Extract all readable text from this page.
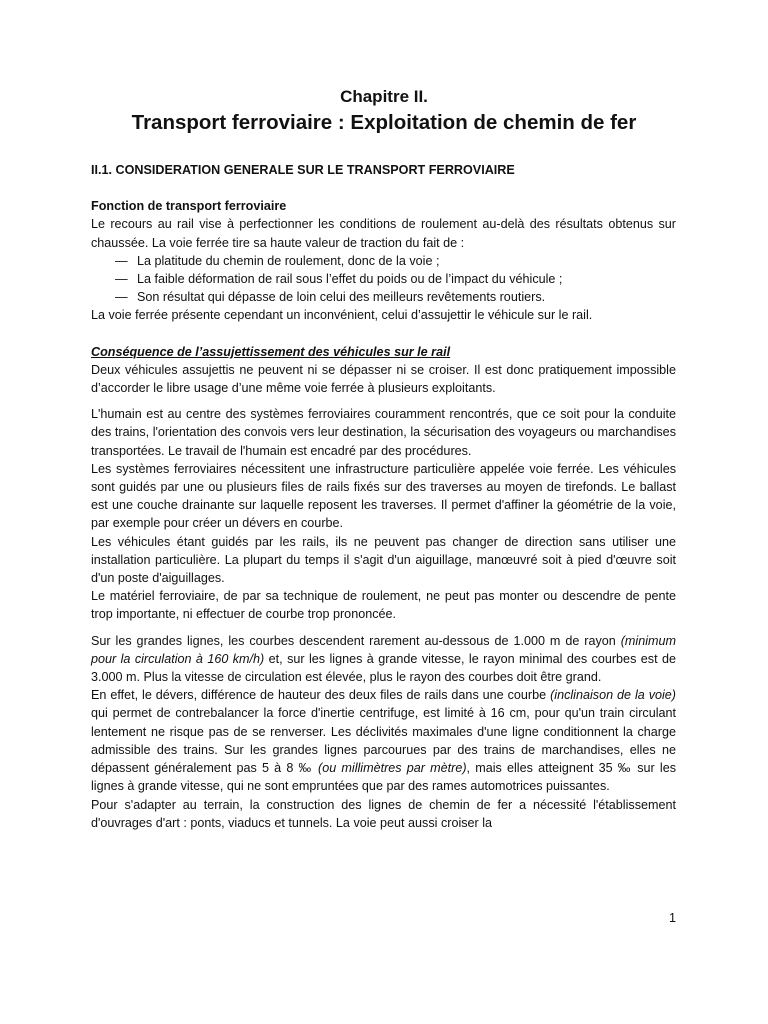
Chapitre II.
Transport ferroviaire : Exploitation de chemin de fer
II.1. CONSIDERATION GENERALE SUR LE TRANSPORT FERROVIAIRE
Fonction de transport ferroviaire

Le recours au rail vise à perfectionner les conditions de roulement au-delà des résultats obtenus sur chaussée. La voie ferrée tire sa haute valeur de traction du fait de :

— La platitude du chemin de roulement, donc de la voie ;
— La faible déformation de rail sous l’effet du poids ou de l’impact du véhicule ;
— Son résultat qui dépasse de loin celui des meilleurs revêtements routiers.

La voie ferrée présente cependant un inconvénient, celui d’assujettir le véhicule sur le rail.

Conséquence de l’assujettissement des véhicules sur le rail

Deux véhicules assujettis ne peuvent ni se dépasser ni se croiser. Il est donc pratiquement impossible d’accorder le libre usage d’une même voie ferrée à plusieurs exploitants.

L'humain est au centre des systèmes ferroviaires couramment rencontrés, que ce soit pour la conduite des trains, l'orientation des convois vers leur destination, la sécurisation des voyageurs ou marchandises transportées. Le travail de l'humain est encadré par des procédures.

Les systèmes ferroviaires nécessitent une infrastructure particulière appelée voie ferrée. Les véhicules sont guidés par une ou plusieurs files de rails fixés sur des traverses au moyen de tirefonds. Le ballast est une couche drainante sur laquelle reposent les traverses. Il permet d'affiner la géométrie de la voie, par exemple pour créer un dévers en courbe.

Les véhicules étant guidés par les rails, ils ne peuvent pas changer de direction sans utiliser une installation particulière. La plupart du temps il s'agit d'un aiguillage, manœuvré soit à pied d'œuvre soit d'un poste d'aiguillages.

Le matériel ferroviaire, de par sa technique de roulement, ne peut pas monter ou descendre de pente trop importante, ni effectuer de courbe trop prononcée.

Sur les grandes lignes, les courbes descendent rarement au-dessous de 1.000 m de rayon (minimum pour la circulation à 160 km/h) et, sur les lignes à grande vitesse, le rayon minimal des courbes est de 3.000 m. Plus la vitesse de circulation est élevée, plus le rayon des courbes doit être grand.

En effet, le dévers, différence de hauteur des deux files de rails dans une courbe (inclinaison de la voie) qui permet de contrebalancer la force d'inertie centrifuge, est limité à 16 cm, pour qu'un train circulant lentement ne risque pas de se renverser. Les déclivités maximales d'une ligne conditionnent la charge admissible des trains. Sur les grandes lignes parcourues par des trains de marchandises, elles ne dépassent généralement pas 5 à 8 ‰ (ou millimètres par mètre), mais elles atteignent 35 ‰ sur les lignes à grande vitesse, qui ne sont empruntées que par des rames automotrices puissantes.

Pour s'adapter au terrain, la construction des lignes de chemin de fer a nécessité l'établissement d'ouvrages d'art : ponts, viaducs et tunnels. La voie peut aussi croiser la

1
